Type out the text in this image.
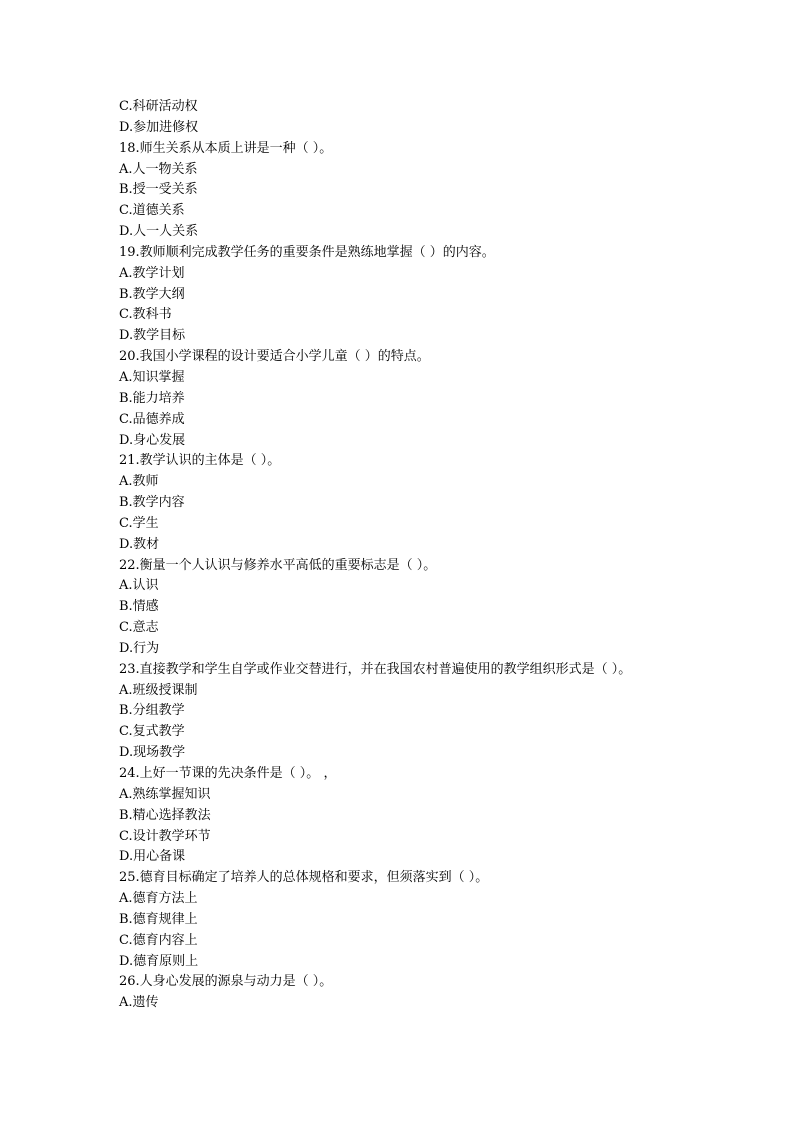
C.科研活动权
D.参加进修权
18.师生关系从本质上讲是一种（ ）。
A.人一物关系
B.授一受关系
C.道德关系
D.人一人关系
19.教师顺利完成教学任务的重要条件是熟练地掌握（ ）的内容。
A.教学计划
B.教学大纲
C.教科书
D.教学目标
20.我国小学课程的设计要适合小学儿童（ ）的特点。
A.知识掌握
B.能力培养
C.品德养成
D.身心发展
21.教学认识的主体是（ ）。
A.教师
B.教学内容
C.学生
D.教材
22.衡量一个人认识与修养水平高低的重要标志是（ ）。
A.认识
B.情感
C.意志
D.行为
23.直接教学和学生自学或作业交替进行，并在我国农村普遍使用的教学组织形式是（ ）。
A.班级授课制
B.分组教学
C.复式教学
D.现场教学
24.上好一节课的先决条件是（ ）。 ，
A.熟练掌握知识
B.精心选择教法
C.设计教学环节
D.用心备课
25.德育目标确定了培养人的总体规格和要求，但须落实到（ ）。
A.德育方法上
B.德育规律上
C.德育内容上
D.德育原则上
26.人身心发展的源泉与动力是（ ）。
A.遗传
